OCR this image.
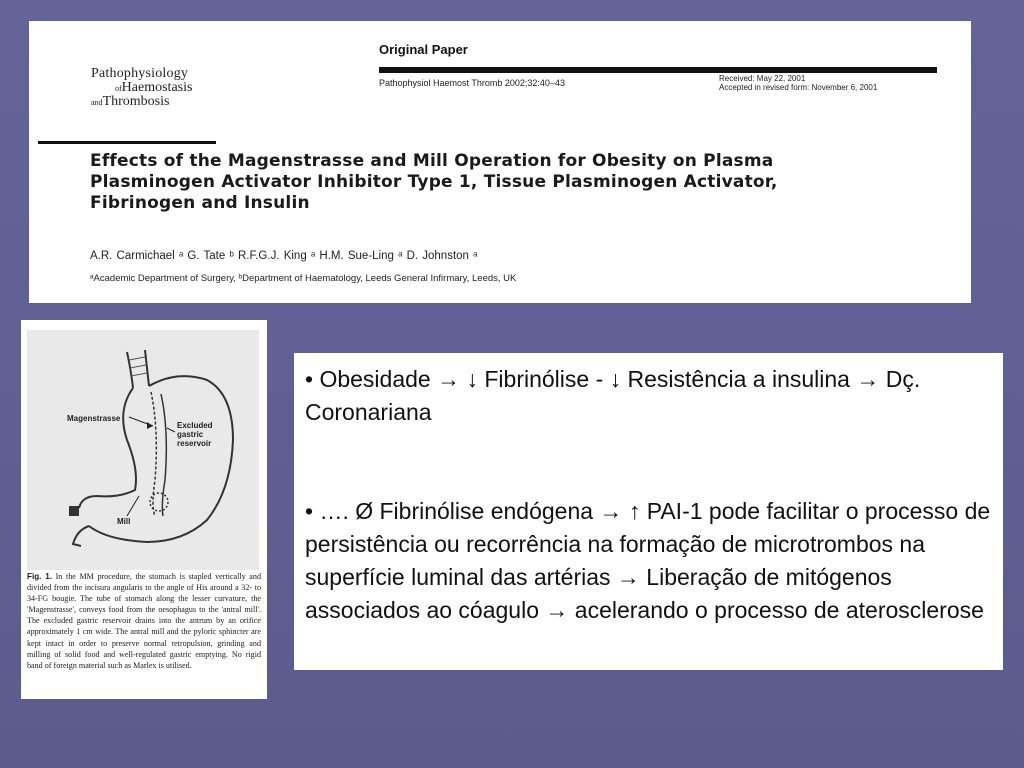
Pathophysiology
ofHaemostasis
andThrombosis
Original Paper
Pathophysiol Haemost Thromb 2002;32:40–43	Received: May 22, 2001
Accepted in revised form: November 6, 2001
Effects of the Magenstrasse and Mill Operation for Obesity on Plasma Plasminogen Activator Inhibitor Type 1, Tissue Plasminogen Activator, Fibrinogen and Insulin
A.R. Carmichael ᵃ G. Tate ᵇ R.F.G.J. King ᵃ H.M. Sue-Ling ᵃ D. Johnston ᵃ
ᵃAcademic Department of Surgery, ᵇDepartment of Haematology, Leeds General Infirmary, Leeds, UK
Magenstrasse
Excluded
gastric
reservoir
Mill
Fig. 1. In the MM procedure, the stomach is stapled vertically and divided from the incisura angularis to the angle of His around a 32- to 34-FG bougie. The tube of stomach along the lesser curvature, the 'Magenstrasse', conveys food from the oesophagus to the 'antral mill'. The excluded gastric reservoir drains into the antrum by an orifice approximately 1 cm wide. The antral mill and the pyloric sphincter are kept intact in order to preserve normal retropulsion, grinding and milling of solid food and well-regulated gastric emptying. No rigid band of foreign material such as Marlex is utilised.

• Obesidade → ↓ Fibrinólise - ↓ Resistência a insulina → Dç. Coronariana

• …. Ø Fibrinólise endógena → ↑ PAI-1 pode facilitar o processo de persistência ou recorrência na formação de microtrombos na superfície luminal das artérias → Liberação de mitógenos associados ao cóagulo → acelerando o processo de aterosclerose
